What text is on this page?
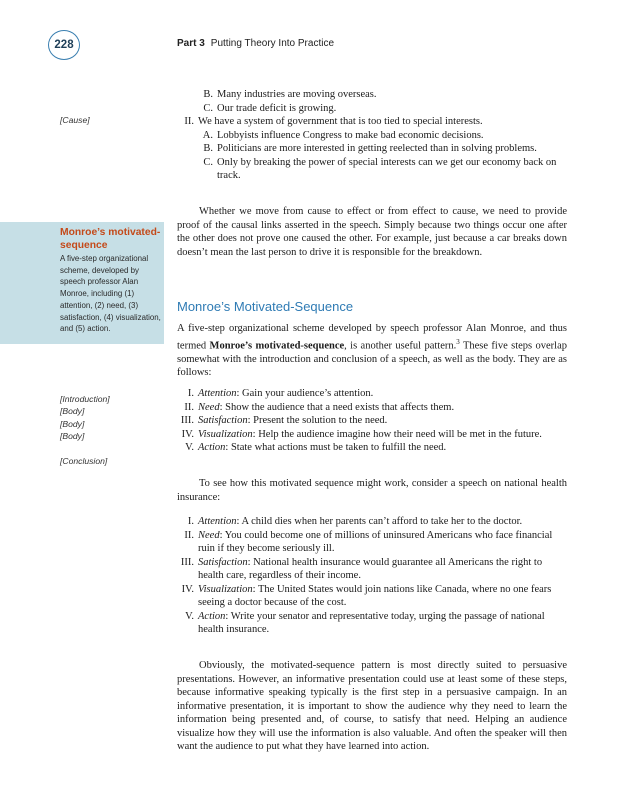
228	Part 3 Putting Theory Into Practice
[Cause]
Monroe’s motivated-sequence
A five-step organizational scheme, developed by speech professor Alan Monroe, including (1) attention, (2) need, (3) satisfaction, (4) visualization, and (5) action.
[Introduction]
[Body]
[Body]
[Body]
[Conclusion]
B. Many industries are moving overseas.
C. Our trade deficit is growing.
II. We have a system of government that is too tied to special interests.
A. Lobbyists influence Congress to make bad economic decisions.
B. Politicians are more interested in getting reelected than in solving problems.
C. Only by breaking the power of special interests can we get our economy back on track.
Whether we move from cause to effect or from effect to cause, we need to provide proof of the causal links asserted in the speech. Simply because two things occur one after the other does not prove one caused the other. For example, just because a car breaks down doesn’t mean the last person to drive it is responsible for the breakdown.
Monroe’s Motivated-Sequence
A five-step organizational scheme developed by speech professor Alan Monroe, and thus termed Monroe’s motivated-sequence, is another useful pattern.$^3$ These five steps overlap somewhat with the introduction and conclusion of a speech, as well as the body. They are as follows:
I. Attention: Gain your audience’s attention.
II. Need: Show the audience that a need exists that affects them.
III. Satisfaction: Present the solution to the need.
IV. Visualization: Help the audience imagine how their need will be met in the future.
V. Action: State what actions must be taken to fulfill the need.
To see how this motivated sequence might work, consider a speech on national health insurance:
I. Attention: A child dies when her parents can’t afford to take her to the doctor.
II. Need: You could become one of millions of uninsured Americans who face financial ruin if they become seriously ill.
III. Satisfaction: National health insurance would guarantee all Americans the right to health care, regardless of their income.
IV. Visualization: The United States would join nations like Canada, where no one fears seeing a doctor because of the cost.
V. Action: Write your senator and representative today, urging the passage of national health insurance.
Obviously, the motivated-sequence pattern is most directly suited to persuasive presentations. However, an informative presentation could use at least some of these steps, because informative speaking typically is the first step in a persuasive campaign. In an informative presentation, it is important to show the audience why they need to learn the information being presented and, of course, to satisfy that need. Helping an audience visualize how they will use the information is also valuable. And often the speaker will then want the audience to put what they have learned into action.
